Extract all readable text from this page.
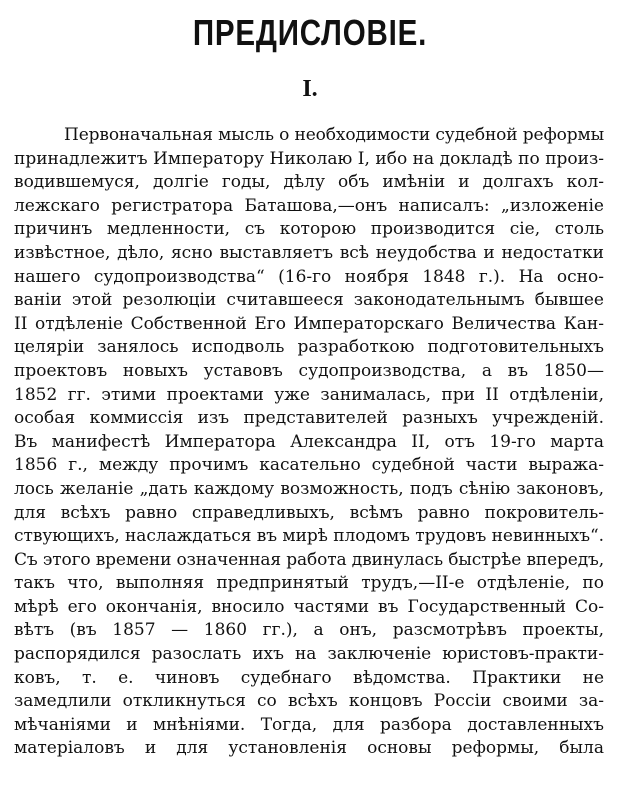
ПРЕДИСЛОВІЕ.
I.
Первоначальная мысль о необходимости судебной реформы
принадлежитъ Императору Николаю I, ибо на докладѣ по произ-
водившемуся, долгіе годы, дѣлу объ имѣніи и долгахъ кол-
лежскаго регистратора Баташова,—онъ написалъ: „изложеніе
причинъ медленности, съ которою производится сіе, столь
извѣстное, дѣло, ясно выставляетъ всѣ неудобства и недостатки
нашего судопроизводства“ (16-го ноября 1848 г.). На осно-
ваніи этой резолюціи считавшееся законодательнымъ бывшее
II отдѣленіе Собственной Его Императорскаго Величества Кан-
целяріи занялось исподволь разработкою подготовительныхъ
проектовъ новыхъ уставовъ судопроизводства, а въ 1850—
1852 гг. этими проектами уже занималась, при II отдѣленіи,
особая коммиссія изъ представителей разныхъ учрежденій.
Въ манифестѣ Императора Александра II, отъ 19-го марта
1856 г., между прочимъ касательно судебной части выража-
лось желаніе „дать каждому возможность, подъ сѣнію законовъ,
для всѣхъ равно справедливыхъ, всѣмъ равно покровитель-
ствующихъ, наслаждаться въ мирѣ плодомъ трудовъ невинныхъ“.
Съ этого времени означенная работа двинулась быстрѣе впередъ,
такъ что, выполняя предпринятый трудъ,—II-е отдѣленіе, по
мѣрѣ его окончанія, вносило частями въ Государственный Со-
вѣтъ (въ 1857 — 1860 гг.), а онъ, разсмотрѣвъ проекты,
распорядился разослать ихъ на заключеніе юристовъ-практи-
ковъ, т. е. чиновъ судебнаго вѣдомства. Практики не
замедлили откликнуться со всѣхъ концовъ Россіи своими за-
мѣчаніями и мнѣніями. Тогда, для разбора доставленныхъ
матеріаловъ и для установленія основы реформы, была
